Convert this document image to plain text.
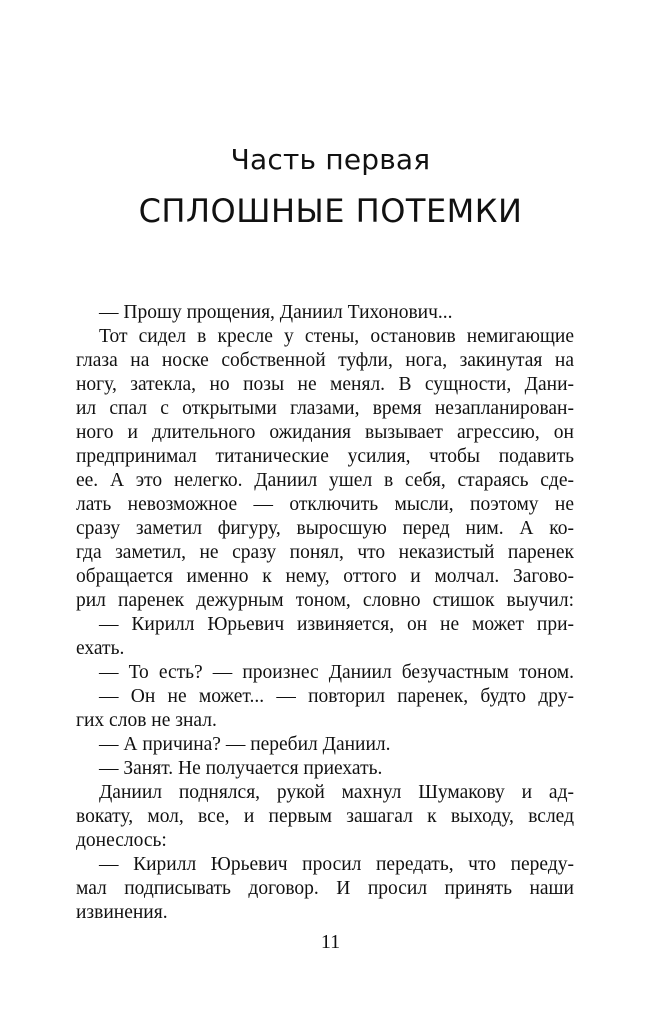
Часть первая
СПЛОШНЫЕ ПОТЕМКИ
— Прошу прощения, Даниил Тихонович...
Тот сидел в кресле у стены, остановив немигающие
глаза на носке собственной туфли, нога, закинутая на
ногу, затекла, но позы не менял. В сущности, Дани-
ил спал с открытыми глазами, время незапланирован-
ного и длительного ожидания вызывает агрессию, он
предпринимал титанические усилия, чтобы подавить
ее. А это нелегко. Даниил ушел в себя, стараясь сде-
лать невозможное — отключить мысли, поэтому не
сразу заметил фигуру, выросшую перед ним. А ко-
гда заметил, не сразу понял, что неказистый паренек
обращается именно к нему, оттого и молчал. Загово-
рил паренек дежурным тоном, словно стишок выучил:
— Кирилл Юрьевич извиняется, он не может при-
ехать.
— То есть? — произнес Даниил безучастным тоном.
— Он не может... — повторил паренек, будто дру-
гих слов не знал.
— А причина? — перебил Даниил.
— Занят. Не получается приехать.
Даниил поднялся, рукой махнул Шумакову и ад-
вокату, мол, все, и первым зашагал к выходу, вслед
донеслось:
— Кирилл Юрьевич просил передать, что переду-
мал подписывать договор. И просил принять наши
извинения.
11
